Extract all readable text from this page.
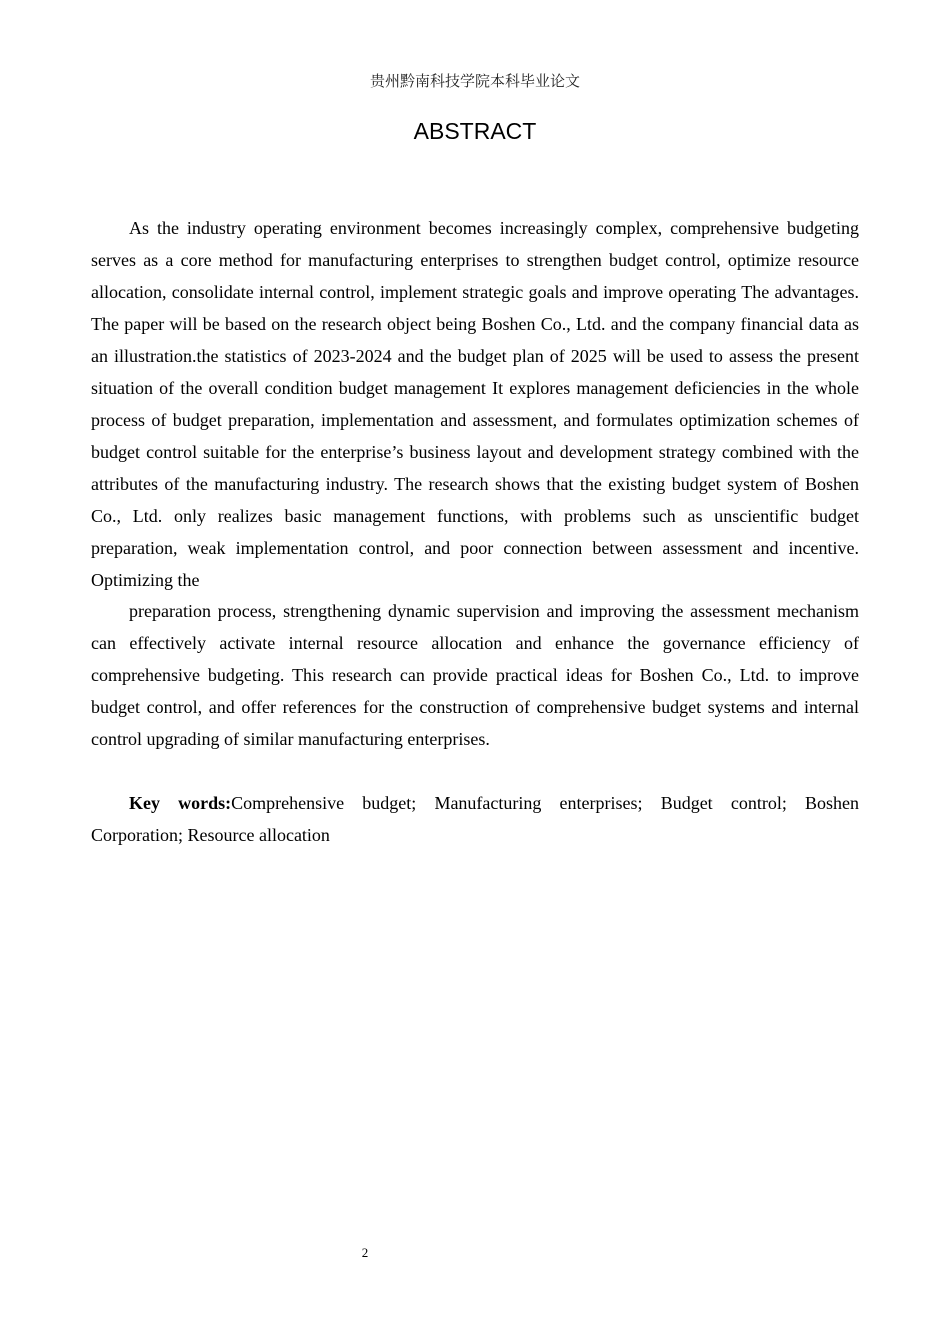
贵州黔南科技学院本科毕业论文
ABSTRACT

As the industry operating environment becomes increasingly complex, comprehensive budgeting serves as a core method for manufacturing enterprises to strengthen budget control, optimize resource allocation, consolidate internal control, implement strategic goals and improve operating The advantages. The paper will be based on the research object being Boshen Co., Ltd. and the company financial data as an illustration.the statistics of 2023-2024 and the budget plan of 2025 will be used to assess the present situation of the overall condition budget management It explores management deficiencies in the whole process of budget preparation, implementation and assessment, and formulates optimization schemes of budget control suitable for the enterprise’s business layout and development strategy combined with the attributes of the manufacturing industry. The research shows that the existing budget system of Boshen Co., Ltd. only realizes basic management functions, with problems such as unscientific budget preparation, weak implementation control, and poor connection between assessment and incentive.　Optimizing the

preparation process, strengthening dynamic supervision and improving the assessment mechanism can effectively activate internal resource allocation and enhance the governance efficiency of comprehensive budgeting. This research can provide practical ideas for Boshen Co., Ltd. to improve budget control, and offer references for the construction of comprehensive budget systems and internal control upgrading of similar manufacturing enterprises.

Key words:Comprehensive budget; Manufacturing enterprises; Budget control; Boshen Corporation; Resource allocation

2
